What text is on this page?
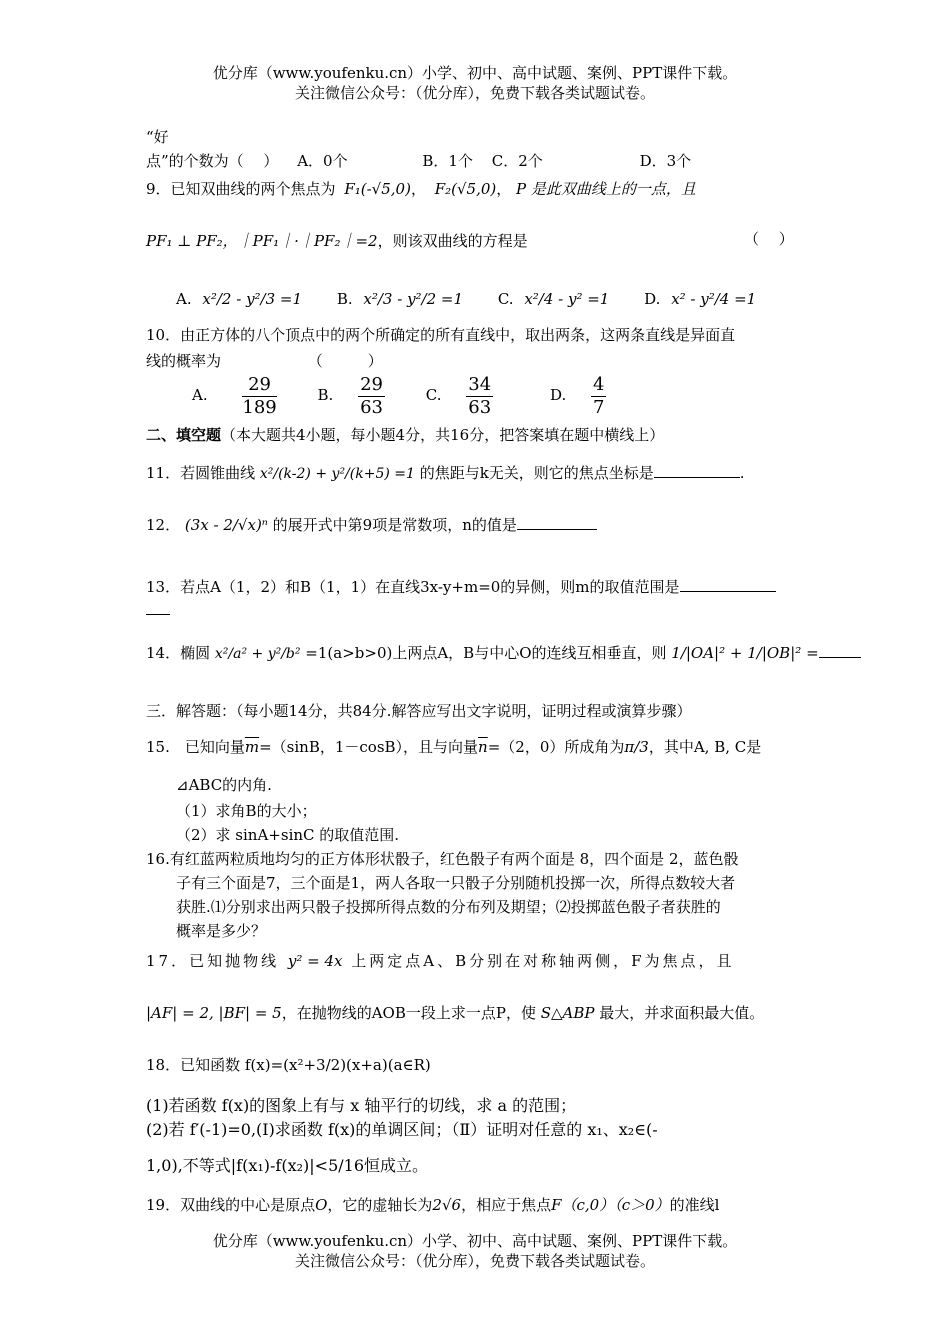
优分库（www.youfenku.cn）小学、初中、高中试题、案例、PPT课件下载。
关注微信公众号：（优分库），免费下载各类试题试卷。
“好
点”的个数为（　 ） A．0个	B．1个 C．2个	D．3个
9．已知双曲线的两个焦点为 F₁(-√5,0)， F₂(√5,0)， P 是此双曲线上的一点，且
PF₁ ⊥ PF₂，｜PF₁｜·｜PF₂｜=2，则该双曲线的方程是	（　 ）
A. x²/2 - y²/3 =1 B. x²/3 - y²/2 =1 C. x²/4 - y² =1 D. x² - y²/4 =1
10．由正方体的八个顶点中的两个所确定的所有直线中，取出两条，这两条直线是异面直
线的概率为	（　　　）
A. $\frac{29}{189}$	B. $\frac{29}{63}$	C. $\frac{34}{63}$	D. $\frac{4}{7}$
二、填空题（本大题共4小题，每小题4分，共16分，把答案填在题中横线上）
11．若圆锥曲线 x²/(k-2) + y²/(k+5) =1 的焦距与k无关，则它的焦点坐标是	.
12． (3x - 2/√x)ⁿ 的展开式中第9项是常数项，n的值是
13．若点A（1，2）和B（1，1）在直线3x-y+m=0的异侧，则m的取值范围是
14．椭圆 x²/a² + y²/b² =1(a>b>0)上两点A，B与中心O的连线互相垂直，则 1/|OA|² + 1/|OB|² =
三．解答题：（每小题14分，共84分.解答应写出文字说明，证明过程或演算步骤）
15.　已知向量$\overline{m}=(\sin B$，1－cosB），且与向量$\overline{n}=(2$，0）所成角为π/3，其中A, B, C是
⊿ABC的内角.
（1）求角B的大小；
（2）求 sinA+sinC 的取值范围.
16.有红蓝两粒质地均匀的正方体形状骰子，红色骰子有两个面是 8，四个面是 2，蓝色骰
子有三个面是7，三个面是1，两人各取一只骰子分别随机投掷一次，所得点数较大者
获胜.⑴分别求出两只骰子投掷所得点数的分布列及期望；⑵投掷蓝色骰子者获胜的
概率是多少？
17．已知抛物线 y² = 4x 上两定点A、B分别在对称轴两侧，F为焦点，且
|AF| = 2, |BF| = 5，在抛物线的AOB一段上求一点P，使 S△ABP 最大，并求面积最大值。
18．已知函数 f(x)=(x²+3/2)(x+a)(a∈R)
(1)若函数 f(x)的图象上有与 x 轴平行的切线，求 a 的范围；
(2)若 f′(-1)=0,(Ⅰ)求函数 f(x)的单调区间；（Ⅱ）证明对任意的 x₁、x₂∈(-
1,0),不等式|f(x₁)-f(x₂)|<5/16恒成立。
19．双曲线的中心是原点O，它的虚轴长为2√6，相应于焦点F（c,0）（c＞0）的准线l
优分库（www.youfenku.cn）小学、初中、高中试题、案例、PPT课件下载。
关注微信公众号：（优分库），免费下载各类试题试卷。
